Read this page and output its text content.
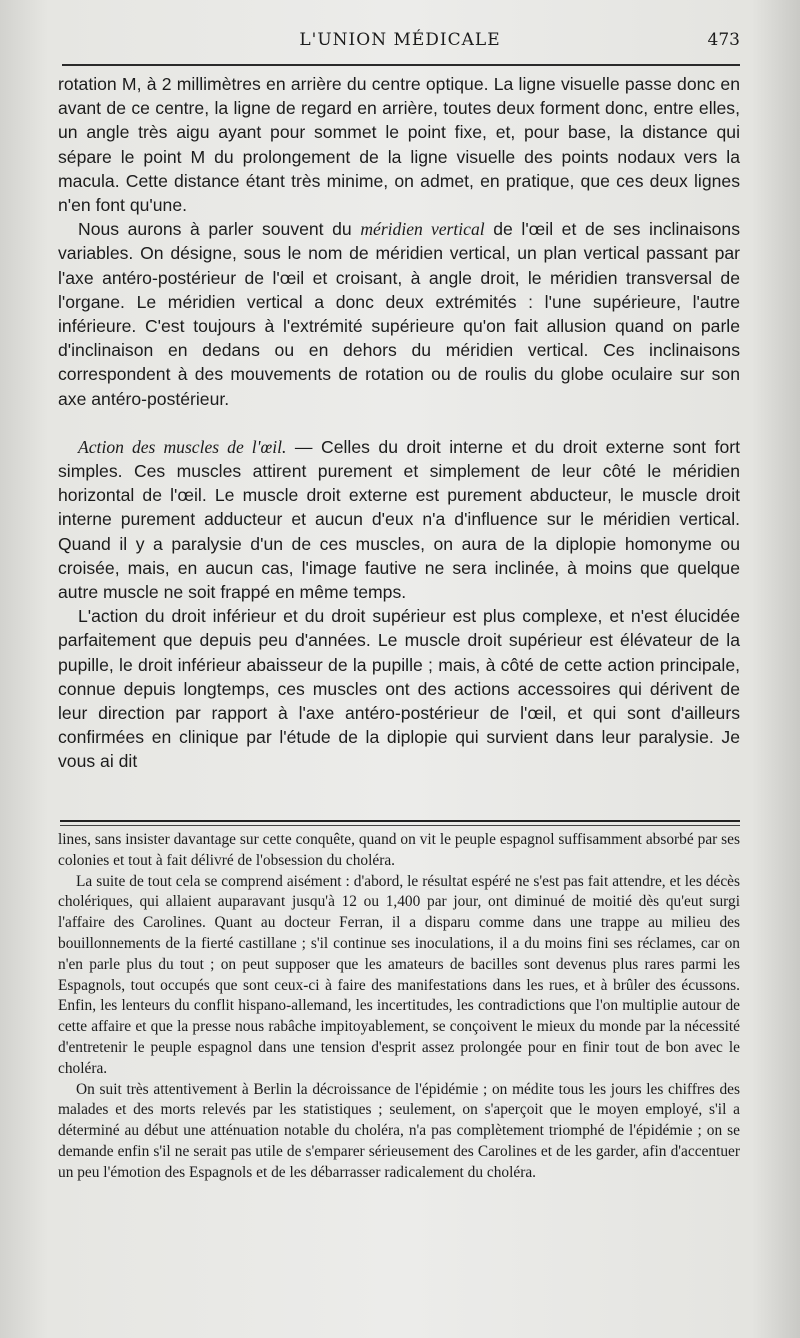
L'UNION MÉDICALE	473

rotation M, à 2 millimètres en arrière du centre optique. La ligne visuelle passe donc en avant de ce centre, la ligne de regard en arrière, toutes deux forment donc, entre elles, un angle très aigu ayant pour sommet le point fixe, et, pour base, la distance qui sépare le point M du prolongement de la ligne visuelle des points nodaux vers la macula. Cette distance étant très minime, on admet, en pratique, que ces deux lignes n'en font qu'une.

Nous aurons à parler souvent du méridien vertical de l'œil et de ses inclinaisons variables. On désigne, sous le nom de méridien vertical, un plan vertical passant par l'axe antéro-postérieur de l'œil et croisant, à angle droit, le méridien transversal de l'organe. Le méridien vertical a donc deux extrémités : l'une supérieure, l'autre inférieure. C'est toujours à l'extrémité supérieure qu'on fait allusion quand on parle d'inclinaison en dedans ou en dehors du méridien vertical. Ces inclinaisons correspondent à des mouvements de rotation ou de roulis du globe oculaire sur son axe antéro-postérieur.

Action des muscles de l'œil. — Celles du droit interne et du droit externe sont fort simples. Ces muscles attirent purement et simplement de leur côté le méridien horizontal de l'œil. Le muscle droit externe est purement abducteur, le muscle droit interne purement adducteur et aucun d'eux n'a d'influence sur le méridien vertical. Quand il y a paralysie d'un de ces muscles, on aura de la diplopie homonyme ou croisée, mais, en aucun cas, l'image fautive ne sera inclinée, à moins que quelque autre muscle ne soit frappé en même temps.

L'action du droit inférieur et du droit supérieur est plus complexe, et n'est élucidée parfaitement que depuis peu d'années. Le muscle droit supérieur est élévateur de la pupille, le droit inférieur abaisseur de la pupille ; mais, à côté de cette action principale, connue depuis longtemps, ces muscles ont des actions accessoires qui dérivent de leur direction par rapport à l'axe antéro-postérieur de l'œil, et qui sont d'ailleurs confirmées en clinique par l'étude de la diplopie qui survient dans leur paralysie. Je vous ai dit

lines, sans insister davantage sur cette conquête, quand on vit le peuple espagnol suffisamment absorbé par ses colonies et tout à fait délivré de l'obsession du choléra.

La suite de tout cela se comprend aisément : d'abord, le résultat espéré ne s'est pas fait attendre, et les décès cholériques, qui allaient auparavant jusqu'à 12 ou 1,400 par jour, ont diminué de moitié dès qu'eut surgi l'affaire des Carolines. Quant au docteur Ferran, il a disparu comme dans une trappe au milieu des bouillonnements de la fierté castillane ; s'il continue ses inoculations, il a du moins fini ses réclames, car on n'en parle plus du tout ; on peut supposer que les amateurs de bacilles sont devenus plus rares parmi les Espagnols, tout occupés que sont ceux-ci à faire des manifestations dans les rues, et à brûler des écussons. Enfin, les lenteurs du conflit hispano-allemand, les incertitudes, les contradictions que l'on multiplie autour de cette affaire et que la presse nous rabâche impitoyablement, se conçoivent le mieux du monde par la nécessité d'entretenir le peuple espagnol dans une tension d'esprit assez prolongée pour en finir tout de bon avec le choléra.

On suit très attentivement à Berlin la décroissance de l'épidémie ; on médite tous les jours les chiffres des malades et des morts relevés par les statistiques ; seulement, on s'aperçoit que le moyen employé, s'il a déterminé au début une atténuation notable du choléra, n'a pas complètement triomphé de l'épidémie ; on se demande enfin s'il ne serait pas utile de s'emparer sérieusement des Carolines et de les garder, afin d'accentuer un peu l'émotion des Espagnols et de les débarrasser radicalement du choléra.
